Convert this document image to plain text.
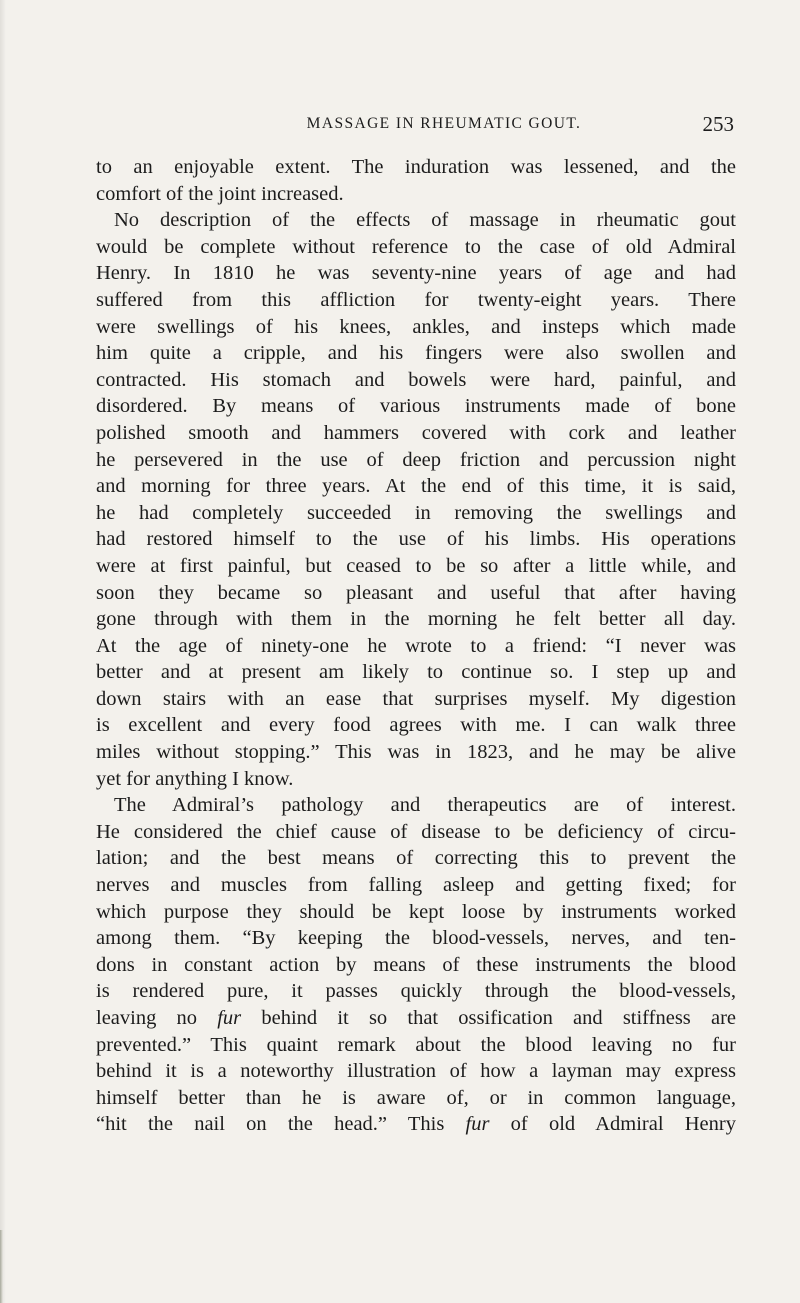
MASSAGE IN RHEUMATIC GOUT.	253
to an enjoyable extent. The induration was lessened, and the
comfort of the joint increased.
No description of the effects of massage in rheumatic gout
would be complete without reference to the case of old Admiral
Henry. In 1810 he was seventy-nine years of age and had
suffered from this affliction for twenty-eight years. There
were swellings of his knees, ankles, and insteps which made
him quite a cripple, and his fingers were also swollen and
contracted. His stomach and bowels were hard, painful, and
disordered. By means of various instruments made of bone
polished smooth and hammers covered with cork and leather
he persevered in the use of deep friction and percussion night
and morning for three years. At the end of this time, it is said,
he had completely succeeded in removing the swellings and
had restored himself to the use of his limbs. His operations
were at first painful, but ceased to be so after a little while, and
soon they became so pleasant and useful that after having
gone through with them in the morning he felt better all day.
At the age of ninety-one he wrote to a friend: “I never was
better and at present am likely to continue so. I step up and
down stairs with an ease that surprises myself. My digestion
is excellent and every food agrees with me. I can walk three
miles without stopping.” This was in 1823, and he may be alive
yet for anything I know.
The Admiral’s pathology and therapeutics are of interest.
He considered the chief cause of disease to be deficiency of circu-
lation; and the best means of correcting this to prevent the
nerves and muscles from falling asleep and getting fixed; for
which purpose they should be kept loose by instruments worked
among them. “By keeping the blood-vessels, nerves, and ten-
dons in constant action by means of these instruments the blood
is rendered pure, it passes quickly through the blood-vessels,
leaving no fur behind it so that ossification and stiffness are
prevented.” This quaint remark about the blood leaving no fur
behind it is a noteworthy illustration of how a layman may express
himself better than he is aware of, or in common language,
“hit the nail on the head.” This fur of old Admiral Henry
